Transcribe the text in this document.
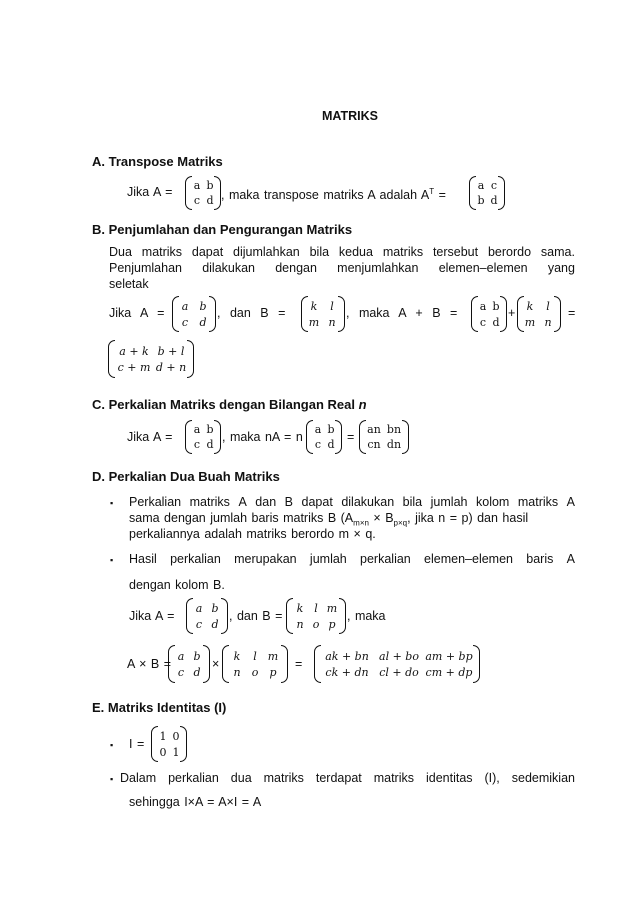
MATRIKS
A. Transpose Matriks
Jika A = a b
c d , maka transpose matriks A adalah $A^T$ =
a c
b d
B. Penjumlahan dan Pengurangan Matriks
Dua matriks dapat dijumlahkan bila kedua matriks tersebut berordo sama.
Penjumlahan dilakukan dengan menjumlahkan elemen–elemen yang
seletak
Jika A = a b
c d
, dan B = k	l
m n
, maka A + B = a b
c d
+ k	l
m n
=
a + k b + l
c + m d + n
C. Perkalian Matriks dengan Bilangan Real n
Jika A =
a b
c d
, maka nA = n
a b
c d
=
an bn
cn dn
D. Perkalian Dua Buah Matriks
▪ Perkalian matriks A dan B dapat dilakukan bila jumlah kolom matriks A
sama dengan jumlah baris matriks B ($A_{m\times n} \times B_{p\times q}$, jika n = p) dan hasil
perkaliannya adalah matriks berordo m × q.
▪ Hasil perkalian merupakan jumlah perkalian elemen–elemen baris A
dengan kolom B.
Jika A =
a b
c d
, dan B =
k l m
n o p
, maka
A × B =
a b
c d
×
k	l	m
n	o	p
=
ak + bn al + bo am + bp
ck + dn cl + do cm + dp
E. Matriks Identitas (I)
▪ I =
1 0
0 1
▪ Dalam perkalian dua matriks terdapat matriks identitas (I), sedemikian
sehingga I×A = A×I = A
